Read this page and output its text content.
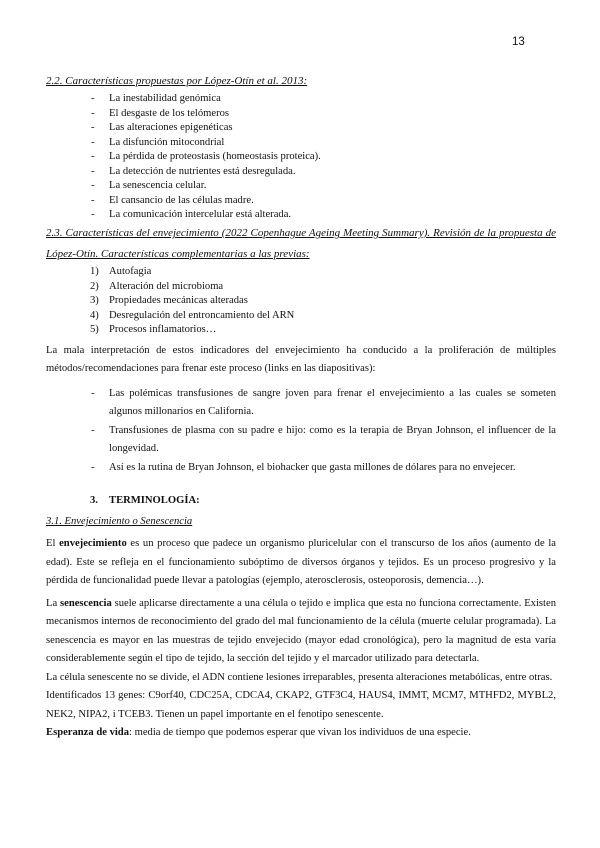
13
2.2. Características propuestas por López-Otín et al. 2013:
- La inestabilidad genómica
- El desgaste de los telómeros
- Las alteraciones epigenéticas
- La disfunción mitocondrial
- La pérdida de proteostasis (homeostasis proteica).
- La detección de nutrientes está desregulada.
- La senescencia celular.
- El cansancio de las células madre.
- La comunicación intercelular está alterada.
2.3. Características del envejecimiento (2022 Copenhague Ageing Meeting Summary). Revisión de la propuesta de López-Otín. Características complementarias a las previas:
1) Autofagia
2) Alteración del microbioma
3) Propiedades mecánicas alteradas
4) Desregulación del entroncamiento del ARN
5) Procesos inflamatorios…

La mala interpretación de estos indicadores del envejecimiento ha conducido a la proliferación de múltiples métodos/recomendaciones para frenar este proceso (links en las diapositivas):

- Las polémicas transfusiones de sangre joven para frenar el envejecimiento a las cuales se someten algunos millonarios en California.
- Transfusiones de plasma con su padre e hijo: como es la terapia de Bryan Johnson, el influencer de la longevidad.
- Así es la rutina de Bryan Johnson, el biohacker que gasta millones de dólares para no envejecer.
3. TERMINOLOGÍA:

3.1. Envejecimiento o Senescencia

El envejecimiento es un proceso que padece un organismo pluricelular con el transcurso de los años (aumento de la edad). Este se refleja en el funcionamiento subóptimo de diversos órganos y tejidos. Es un proceso progresivo y la pérdida de funcionalidad puede llevar a patologías (ejemplo, aterosclerosis, osteoporosis, demencia…).

La senescencia suele aplicarse directamente a una célula o tejido e implica que esta no funciona correctamente. Existen mecanismos internos de reconocimiento del grado del mal funcionamiento de la célula (muerte celular programada). La senescencia es mayor en las muestras de tejido envejecido (mayor edad cronológica), pero la magnitud de esta varía considerablemente según el tipo de tejido, la sección del tejido y el marcador utilizado para detectarla.

La célula senescente no se divide, el ADN contiene lesiones irreparables, presenta alteraciones metabólicas, entre otras.

Identificados 13 genes: C9orf40, CDC25A, CDCA4, CKAP2, GTF3C4, HAUS4, IMMT, MCM7, MTHFD2, MYBL2, NEK2, NIPA2, i TCEB3. Tienen un papel importante en el fenotipo senescente.

Esperanza de vida: media de tiempo que podemos esperar que vivan los individuos de una especie.
